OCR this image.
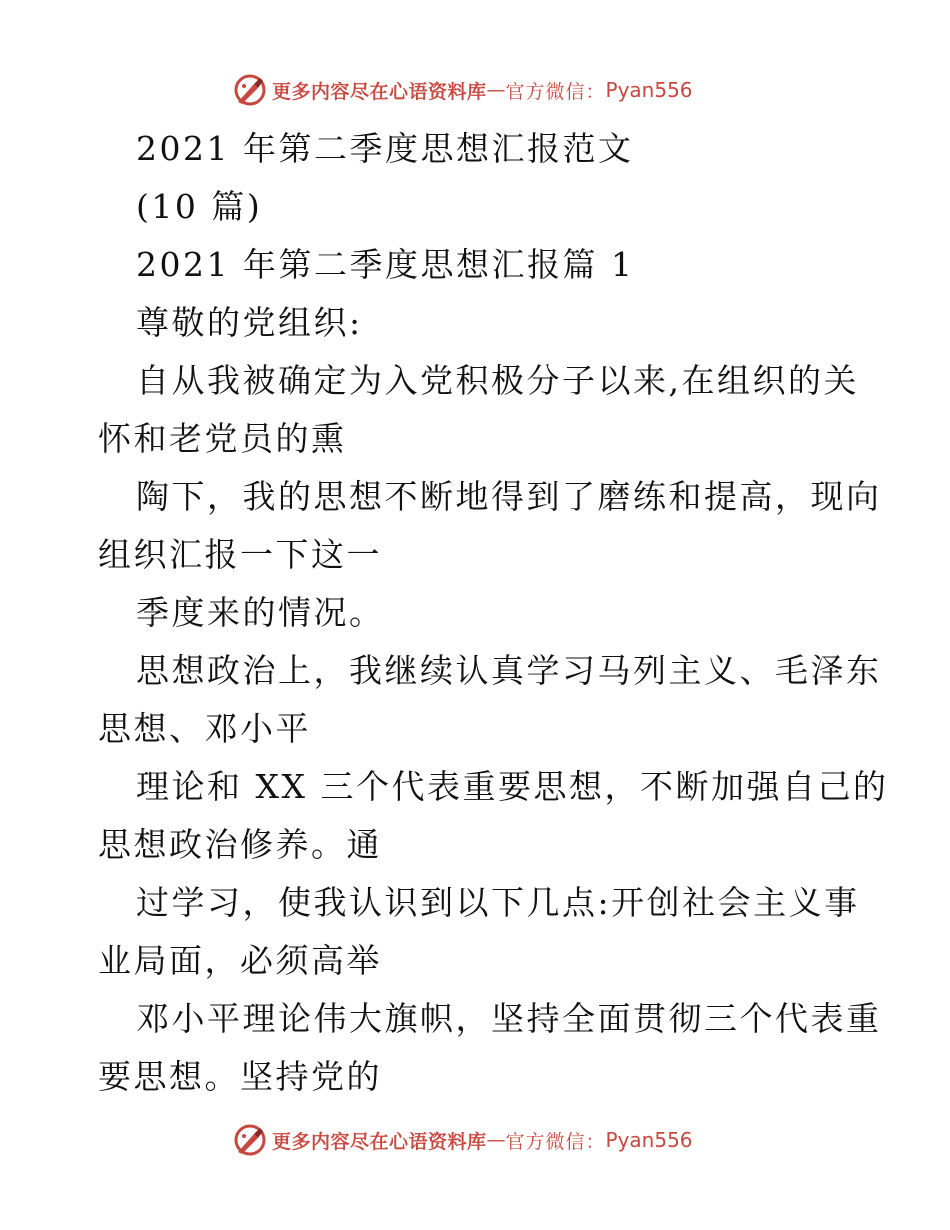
更多内容尽在心语资料库 — 官方微信： Pyan556
2021 年第二季度思想汇报范文
(10 篇)
2021 年第二季度思想汇报篇 1
尊敬的党组织:
自从我被确定为入党积极分子以来,在组织的关
怀和老党员的熏
陶下，我的思想不断地得到了磨练和提高，现向
组织汇报一下这一
季度来的情况。
思想政治上，我继续认真学习马列主义、毛泽东
思想、邓小平
理论和 XX 三个代表重要思想，不断加强自己的
思想政治修养。通
过学习，使我认识到以下几点:开创社会主义事
业局面，必须高举
邓小平理论伟大旗帜，坚持全面贯彻三个代表重
要思想。坚持党的
更多内容尽在心语资料库 — 官方微信： Pyan556
